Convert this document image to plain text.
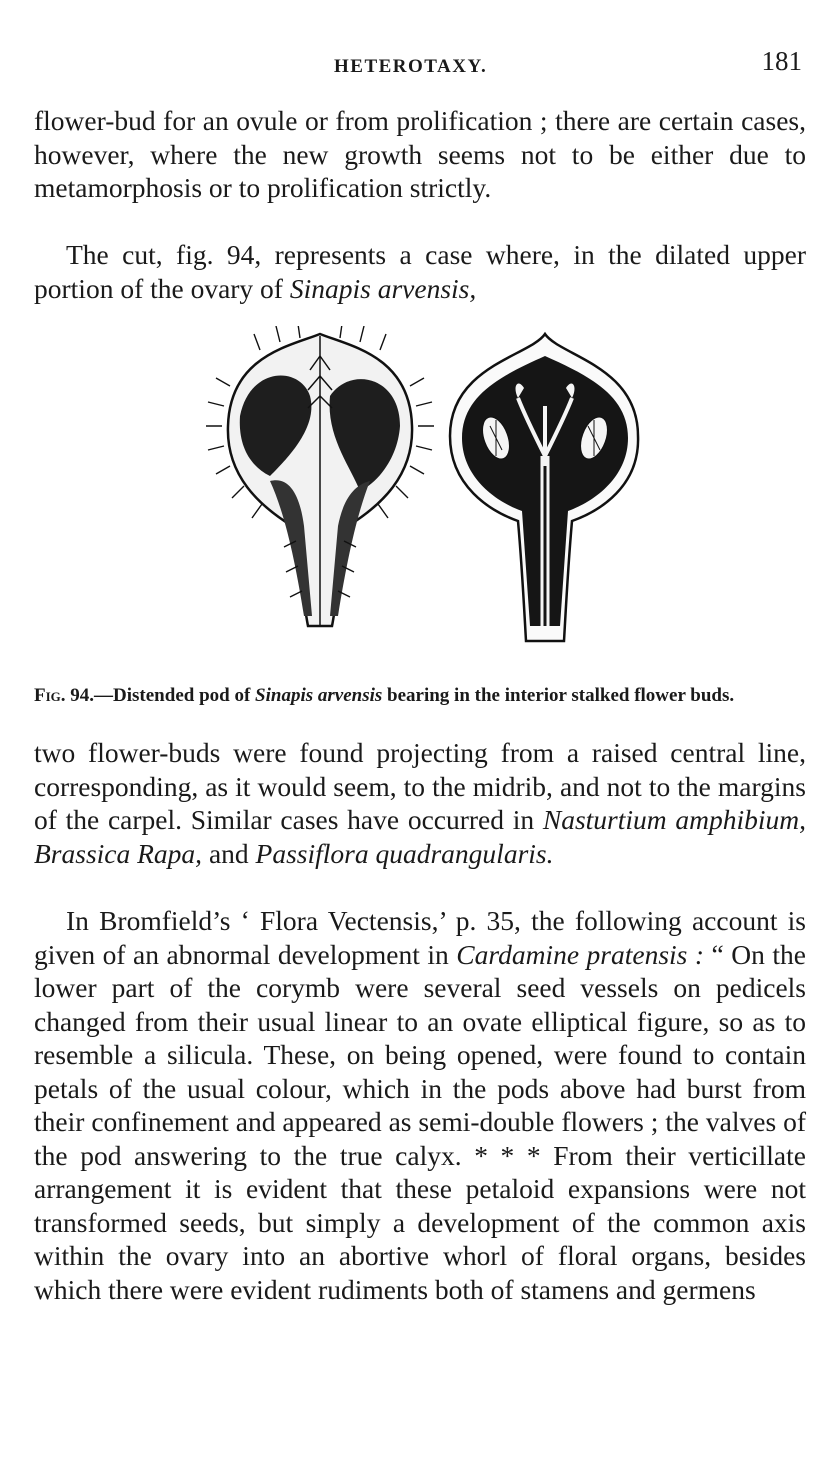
HETEROTAXY.	181

flower-bud for an ovule or from prolification ; there are certain cases, however, where the new growth seems not to be either due to metamorphosis or to prolification strictly.

The cut, fig. 94, represents a case where, in the dilated upper portion of the ovary of Sinapis arvensis,

Fig. 94.—Distended pod of Sinapis arvensis bearing in the interior stalked flower buds.

two flower-buds were found projecting from a raised central line, corresponding, as it would seem, to the midrib, and not to the margins of the carpel. Similar cases have occurred in Nasturtium amphibium, Brassica Rapa, and Passiflora quadrangularis.

In Bromfield’s ‘ Flora Vectensis,’ p. 35, the following account is given of an abnormal development in Cardamine pratensis : “ On the lower part of the corymb were several seed vessels on pedicels changed from their usual linear to an ovate elliptical figure, so as to resemble a silicula. These, on being opened, were found to contain petals of the usual colour, which in the pods above had burst from their confinement and appeared as semi-double flowers ; the valves of the pod answering to the true calyx. * * * From their verticillate arrangement it is evident that these petaloid expansions were not transformed seeds, but simply a development of the common axis within the ovary into an abortive whorl of floral organs, besides which there were evident rudiments both of stamens and germens
